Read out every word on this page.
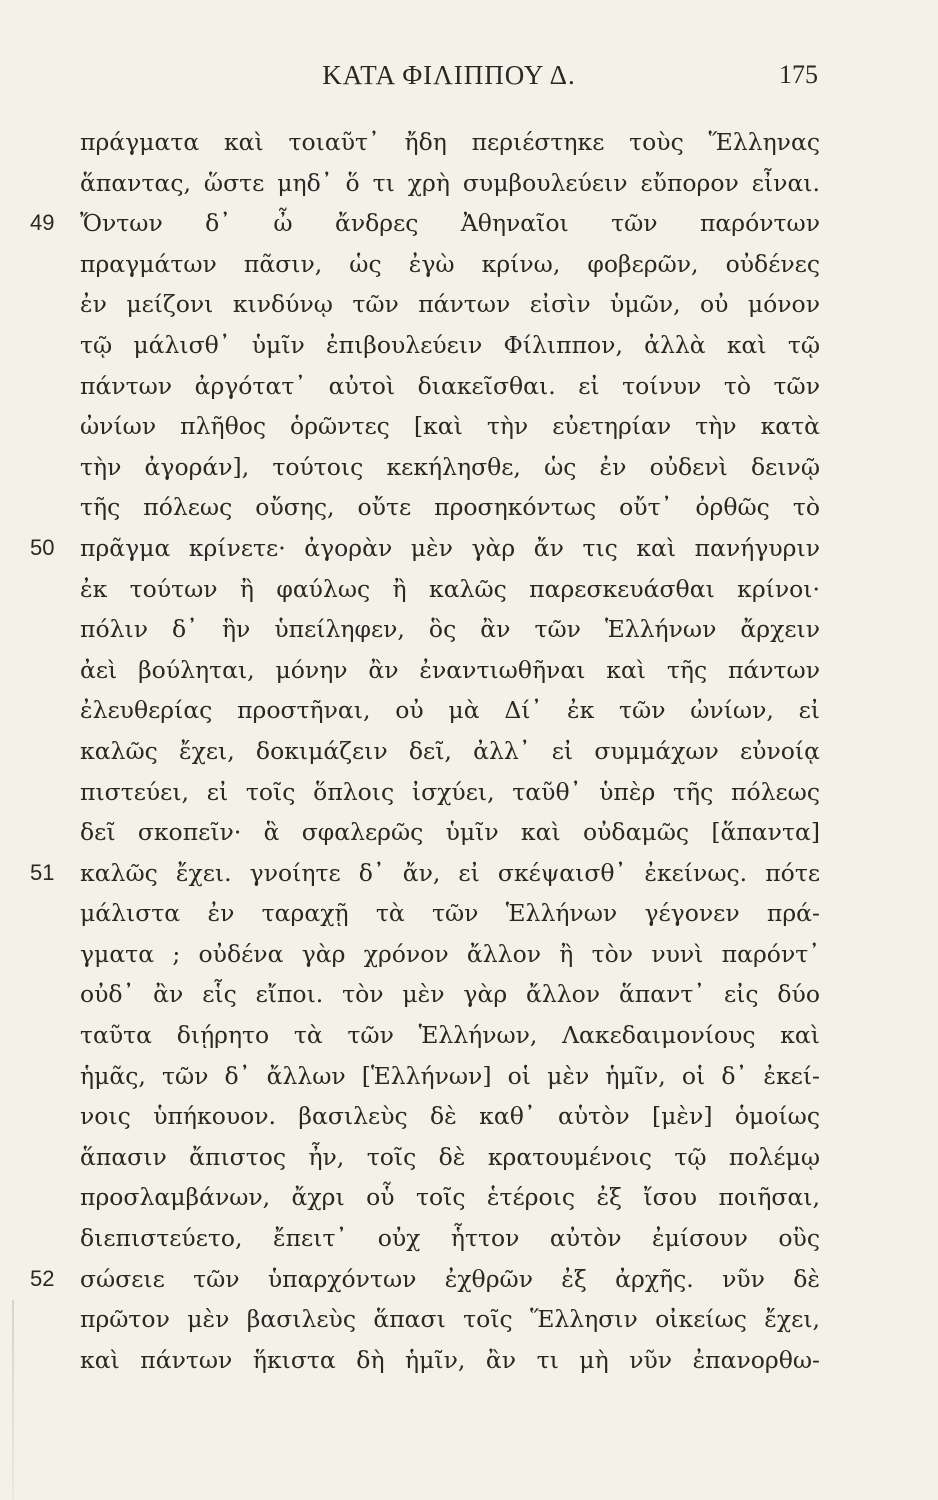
ΚΑΤΑ ΦΙΛΙΠΠΟΥ Δ.	175
πράγματα καὶ τοιαῦτ᾽ ἤδη περιέστηκε τοὺς Ἕλληνας
ἅπαντας, ὥστε μηδ᾽ ὅ τι χρὴ συμβουλεύειν εὔπορον εἶναι.
49 Ὄντων δ᾽ ὦ ἄνδρες Ἀθηναῖοι τῶν παρόντων
πραγμάτων πᾶσιν, ὡς ἐγὼ κρίνω, φοβερῶν, οὐδένες
ἐν μείζονι κινδύνῳ τῶν πάντων εἰσὶν ὑμῶν, οὐ μόνον
τῷ μάλισθ᾽ ὑμῖν ἐπιβουλεύειν Φίλιππον, ἀλλὰ καὶ τῷ
πάντων ἀργότατ᾽ αὐτοὶ διακεῖσθαι. εἰ τοίνυν τὸ τῶν
ὠνίων πλῆθος ὁρῶντες [καὶ τὴν εὐετηρίαν τὴν κατὰ
τὴν ἀγοράν], τούτοις κεκήλησθε, ὡς ἐν οὐδενὶ δεινῷ
τῆς πόλεως οὔσης, οὔτε προσηκόντως οὔτ᾽ ὀρθῶς τὸ
50 πρᾶγμα κρίνετε· ἀγορὰν μὲν γὰρ ἄν τις καὶ πανήγυριν
ἐκ τούτων ἢ φαύλως ἢ καλῶς παρεσκευάσθαι κρίνοι·
πόλιν δ᾽ ἣν ὑπείληφεν, ὃς ἂν τῶν Ἑλλήνων ἄρχειν
ἀεὶ βούληται, μόνην ἂν ἐναντιωθῆναι καὶ τῆς πάντων
ἐλευθερίας προστῆναι, οὐ μὰ Δί᾽ ἐκ τῶν ὠνίων, εἰ
καλῶς ἔχει, δοκιμάζειν δεῖ, ἀλλ᾽ εἰ συμμάχων εὐνοίᾳ
πιστεύει, εἰ τοῖς ὅπλοις ἰσχύει, ταῦθ᾽ ὑπὲρ τῆς πόλεως
δεῖ σκοπεῖν· ἃ σφαλερῶς ὑμῖν καὶ οὐδαμῶς [ἅπαντα]
51 καλῶς ἔχει. γνοίητε δ᾽ ἄν, εἰ σκέψαισθ᾽ ἐκείνως. πότε
μάλιστα ἐν ταραχῇ τὰ τῶν Ἑλλήνων γέγονεν πρά-
γματα ; οὐδένα γὰρ χρόνον ἄλλον ἢ τὸν νυνὶ παρόντ᾽
οὐδ᾽ ἂν εἷς εἴποι. τὸν μὲν γὰρ ἄλλον ἅπαντ᾽ εἰς δύο
ταῦτα διῄρητο τὰ τῶν Ἑλλήνων, Λακεδαιμονίους καὶ
ἡμᾶς, τῶν δ᾽ ἄλλων [Ἑλλήνων] οἱ μὲν ἡμῖν, οἱ δ᾽ ἐκεί-
νοις ὑπήκουον. βασιλεὺς δὲ καθ᾽ αὑτὸν [μὲν] ὁμοίως
ἅπασιν ἄπιστος ἦν, τοῖς δὲ κρατουμένοις τῷ πολέμῳ
προσλαμβάνων, ἄχρι οὗ τοῖς ἑτέροις ἐξ ἴσου ποιῆσαι,
διεπιστεύετο, ἔπειτ᾽ οὐχ ἧττον αὐτὸν ἐμίσουν οὓς
52 σώσειε τῶν ὑπαρχόντων ἐχθρῶν ἐξ ἀρχῆς. νῦν δὲ
πρῶτον μὲν βασιλεὺς ἅπασι τοῖς Ἕλλησιν οἰκείως ἔχει,
καὶ πάντων ἥκιστα δὴ ἡμῖν, ἂν τι μὴ νῦν ἐπανορθω-
